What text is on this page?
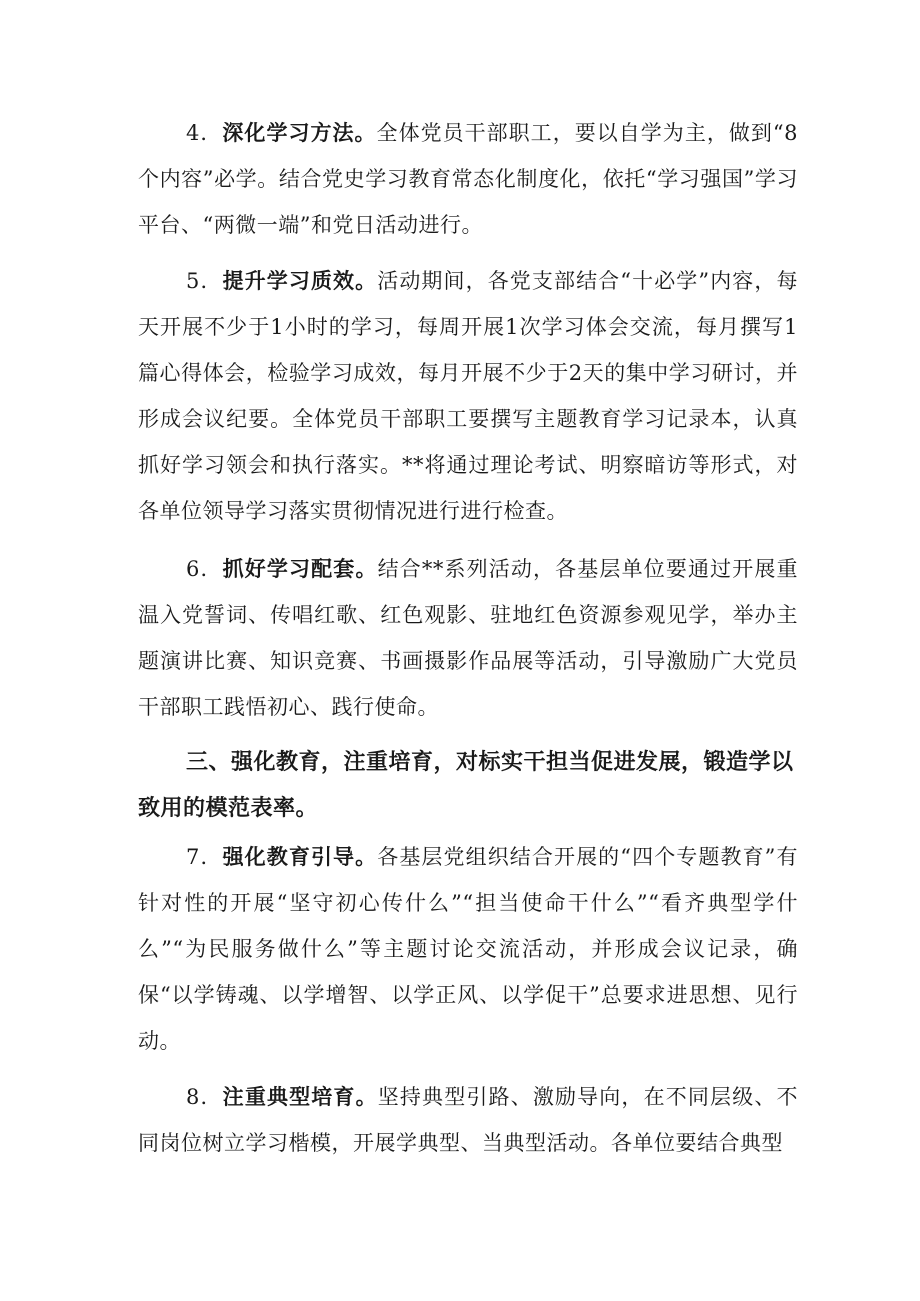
4．深化学习方法。全体党员干部职工，要以自学为主，做到“8个内容”必学。结合党史学习教育常态化制度化，依托“学习强国”学习平台、“两微一端”和党日活动进行。

5．提升学习质效。活动期间，各党支部结合“十必学”内容，每天开展不少于1小时的学习，每周开展1次学习体会交流，每月撰写1篇心得体会，检验学习成效，每月开展不少于2天的集中学习研讨，并形成会议纪要。全体党员干部职工要撰写主题教育学习记录本，认真抓好学习领会和执行落实。**将通过理论考试、明察暗访等形式，对各单位领导学习落实贯彻情况进行进行检查。

6．抓好学习配套。结合**系列活动，各基层单位要通过开展重温入党誓词、传唱红歌、红色观影、驻地红色资源参观见学，举办主题演讲比赛、知识竞赛、书画摄影作品展等活动，引导激励广大党员干部职工践悟初心、践行使命。

三、强化教育，注重培育，对标实干担当促进发展，锻造学以致用的模范表率。

7．强化教育引导。各基层党组织结合开展的“四个专题教育”有针对性的开展“坚守初心传什么”“担当使命干什么”“看齐典型学什么”“为民服务做什么”等主题讨论交流活动，并形成会议记录，确保“以学铸魂、以学增智、以学正风、以学促干”总要求进思想、见行动。

8．注重典型培育。坚持典型引路、激励导向，在不同层级、不同岗位树立学习楷模，开展学典型、当典型活动。各单位要结合典型
